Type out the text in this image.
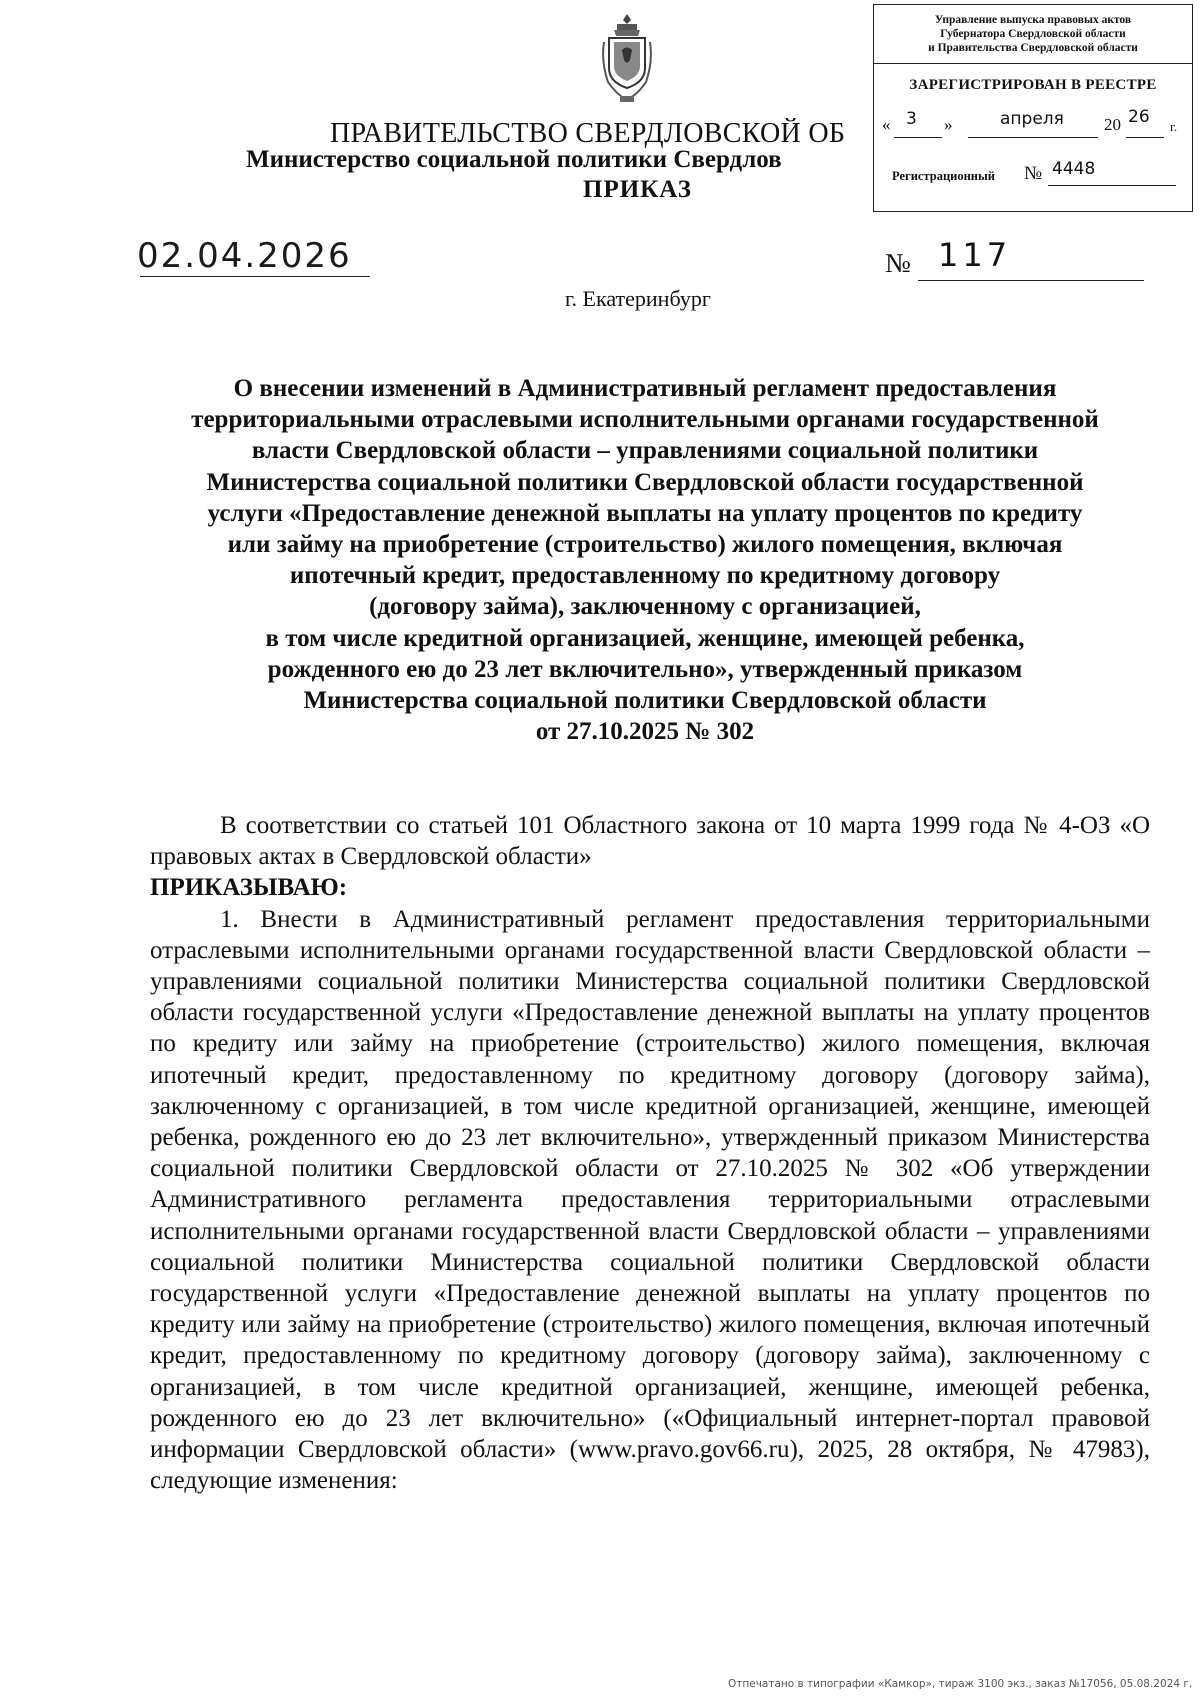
ПРАВИТЕЛЬСТВО СВЕРДЛОВСКОЙ ОБ
Министерство социальной политики Свердлов
ПРИКАЗ
Управление выпуска правовых актов
Губернатора Свердловской области
и Правительства Свердловской области
ЗАРЕГИСТРИРОВАН В РЕЕСТРЕ
« 3 »	апреля 20 26 г.
Регистрационный № 4448
02.04.2026	№ 117
г. Екатеринбург
О внесении изменений в Административный регламент предоставления
территориальными отраслевыми исполнительными органами государственной
власти Свердловской области – управлениями социальной политики
Министерства социальной политики Свердловской области государственной
услуги «Предоставление денежной выплаты на уплату процентов по кредиту
или займу на приобретение (строительство) жилого помещения, включая
ипотечный кредит, предоставленному по кредитному договору
(договору займа), заключенному с организацией,
в том числе кредитной организацией, женщине, имеющей ребенка,
рожденного ею до 23 лет включительно», утвержденный приказом
Министерства социальной политики Свердловской области
от 27.10.2025 № 302

В соответствии со статьей 101 Областного закона от 10 марта 1999 года № 4-ОЗ «О правовых актах в Свердловской области»

ПРИКАЗЫВАЮ:

1. Внести в Административный регламент предоставления территориальными отраслевыми исполнительными органами государственной власти Свердловской области – управлениями социальной политики Министерства социальной политики Свердловской области государственной услуги «Предоставление денежной выплаты на уплату процентов по кредиту или займу на приобретение (строительство) жилого помещения, включая ипотечный кредит, предоставленному по кредитному договору (договору займа), заключенному с организацией, в том числе кредитной организацией, женщине, имеющей ребенка, рожденного ею до 23 лет включительно», утвержденный приказом Министерства социальной политики Свердловской области от 27.10.2025 № 302 «Об утверждении Административного регламента предоставления территориальными отраслевыми исполнительными органами государственной власти Свердловской области – управлениями социальной политики Министерства социальной политики Свердловской области государственной услуги «Предоставление денежной выплаты на уплату процентов по кредиту или займу на приобретение (строительство) жилого помещения, включая ипотечный кредит, предоставленному по кредитному договору (договору займа), заключенному с организацией, в том числе кредитной организацией, женщине, имеющей ребенка, рожденного ею до 23 лет включительно» («Официальный интернет-портал правовой информации Свердловской области» (www.pravo.gov66.ru), 2025, 28 октября, № 47983), следующие изменения:

Отпечатано в типографии «Камкор», тираж 3100 экз., заказ №17056, 05.08.2024 г.
